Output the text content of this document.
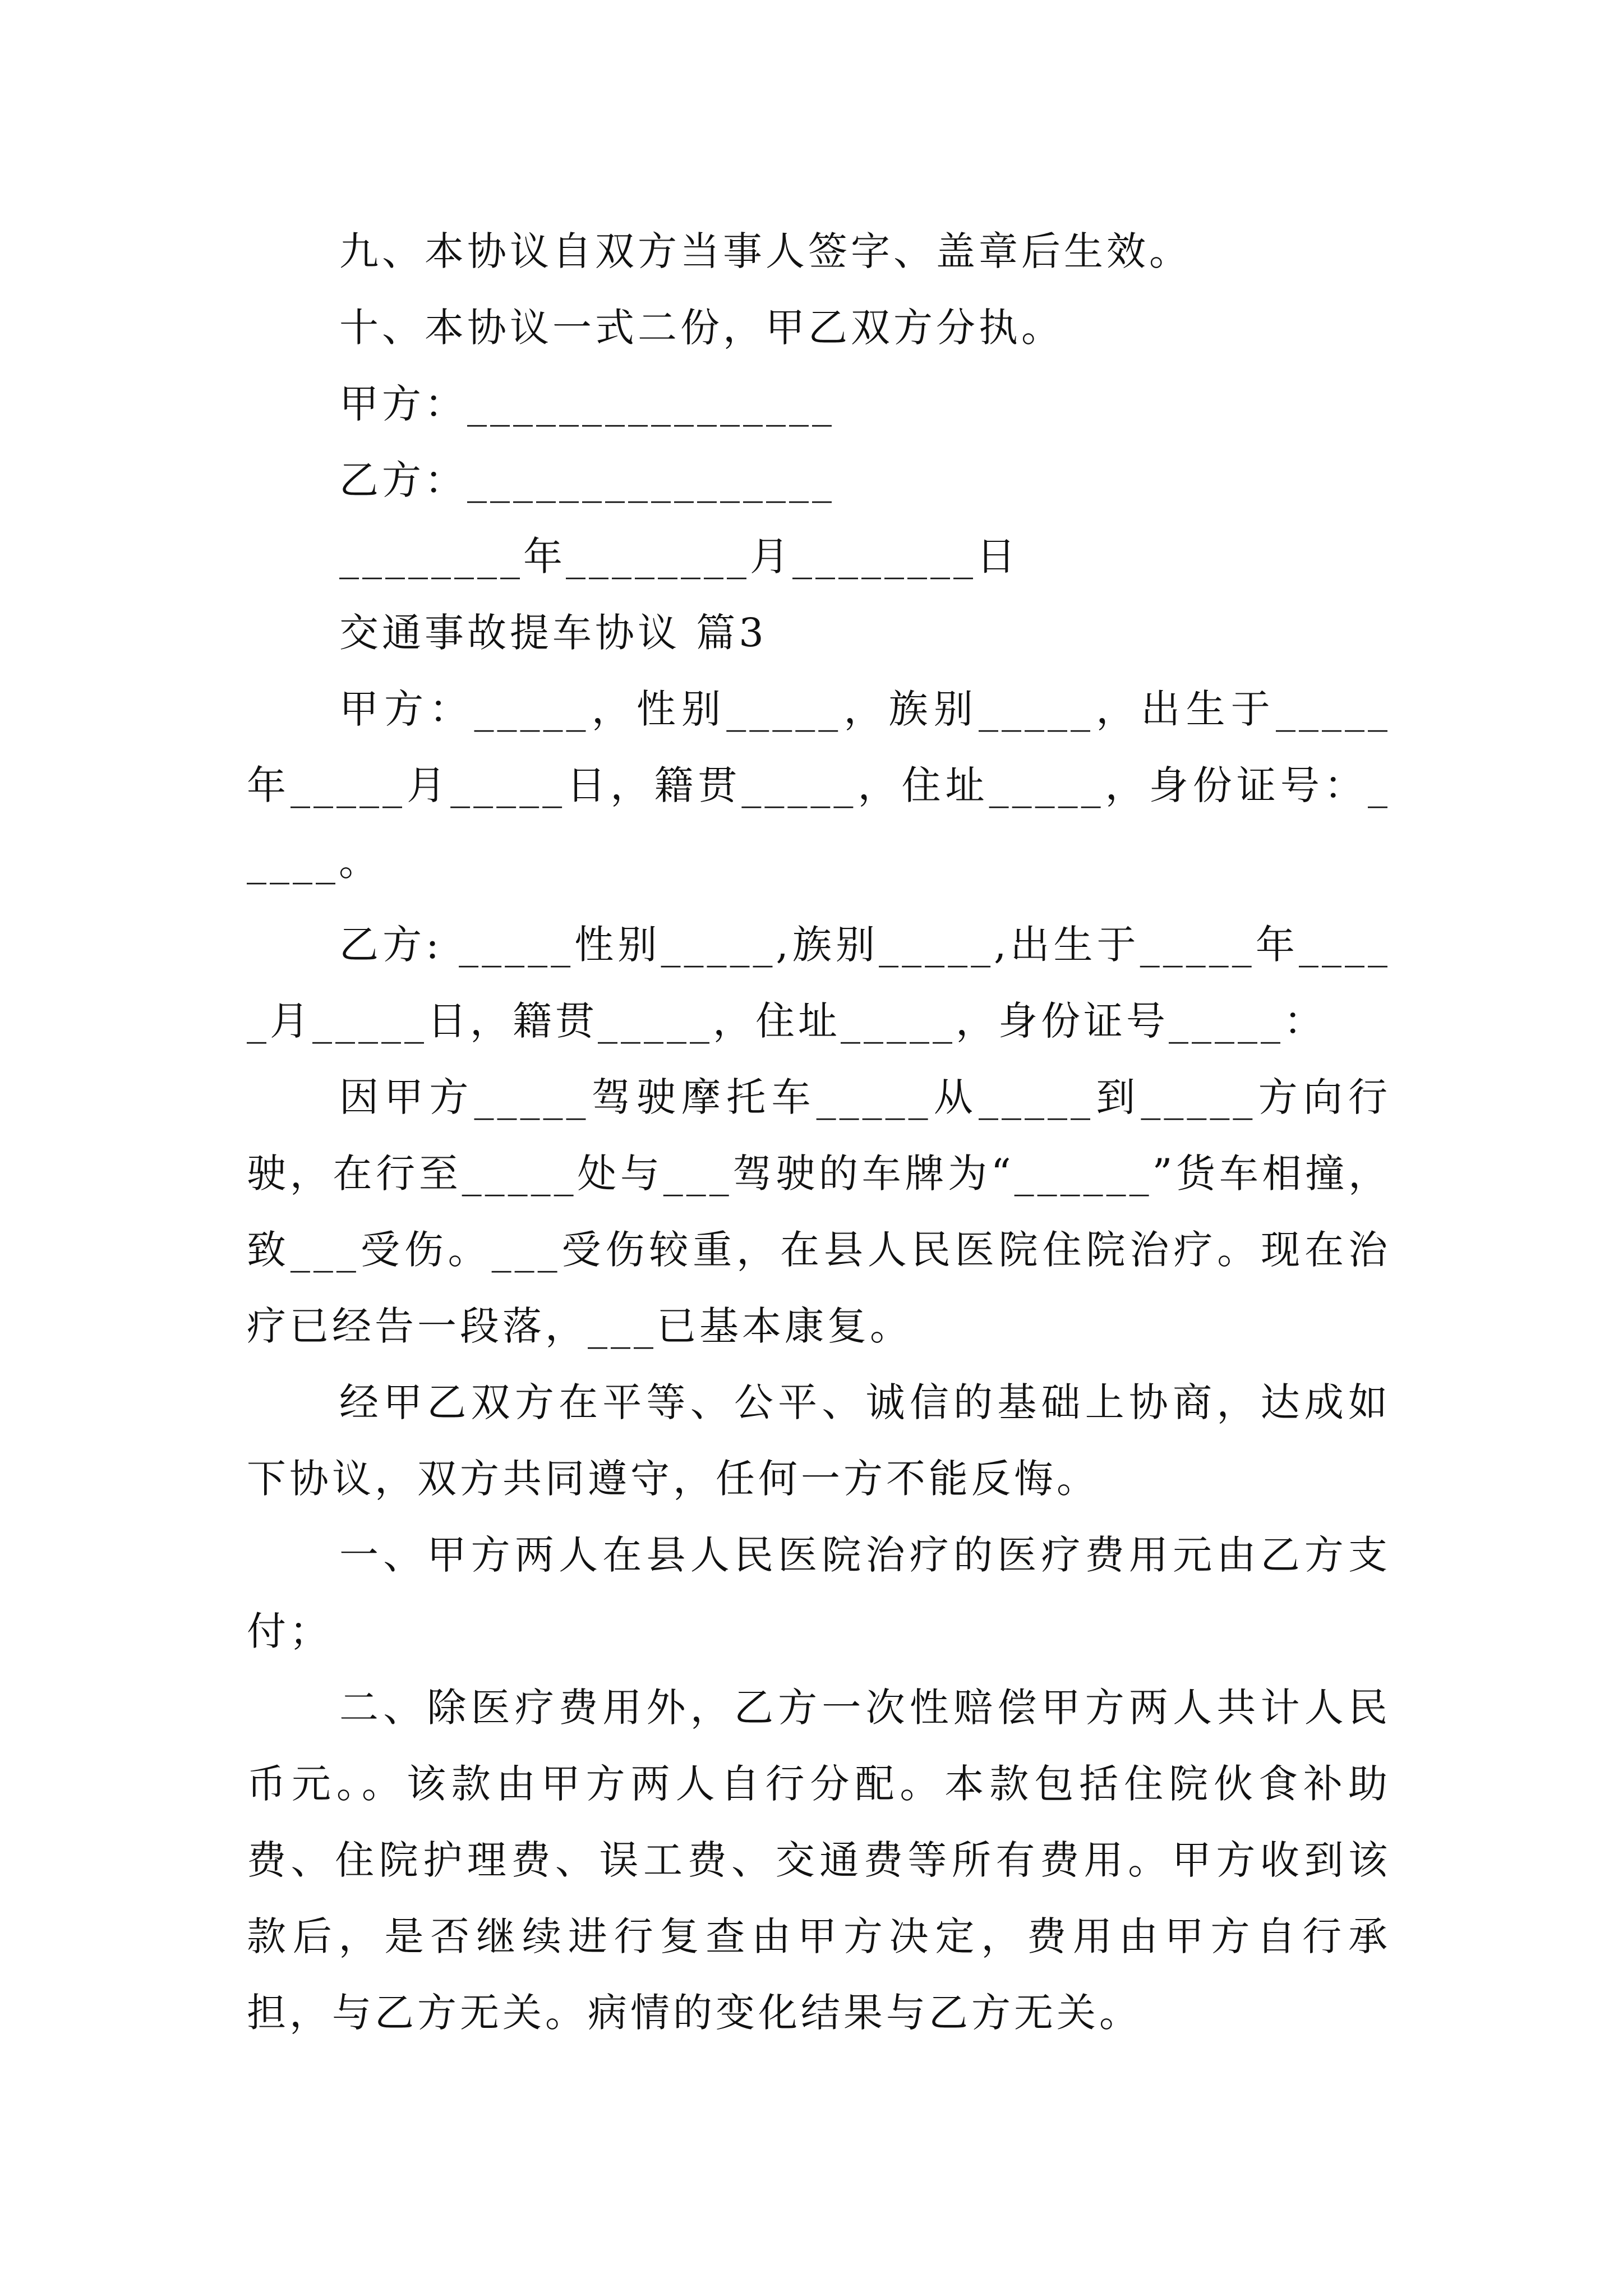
九、本协议自双方当事人签字、盖章后生效。
十、本协议一式二份，甲乙双方分执。
甲方：________________
乙方：________________
________年________月________日
交通事故提车协议 篇3

甲方：_____，性别_____，族别_____，出生于_____年_____月_____日，籍贯_____，住址_____，身份证号：_____。

乙方: _____性别_____,族别_____,出生于_____年_____月_____日，籍贯_____，住址_____，身份证号_____：

因甲方_____驾驶摩托车_____从_____到_____方向行驶，在行至_____处与___驾驶的车牌为“______”货车相撞，致___受伤。___受伤较重，在县人民医院住院治疗。现在治疗已经告一段落，___已基本康复。

经甲乙双方在平等、公平、诚信的基础上协商，达成如下协议，双方共同遵守，任何一方不能反悔。

一、甲方两人在县人民医院治疗的医疗费用元由乙方支付；

二、除医疗费用外，乙方一次性赔偿甲方两人共计人民币元。。该款由甲方两人自行分配。本款包括住院伙食补助费、住院护理费、误工费、交通费等所有费用。甲方收到该款后，是否继续进行复查由甲方决定，费用由甲方自行承担，与乙方无关。病情的变化结果与乙方无关。
